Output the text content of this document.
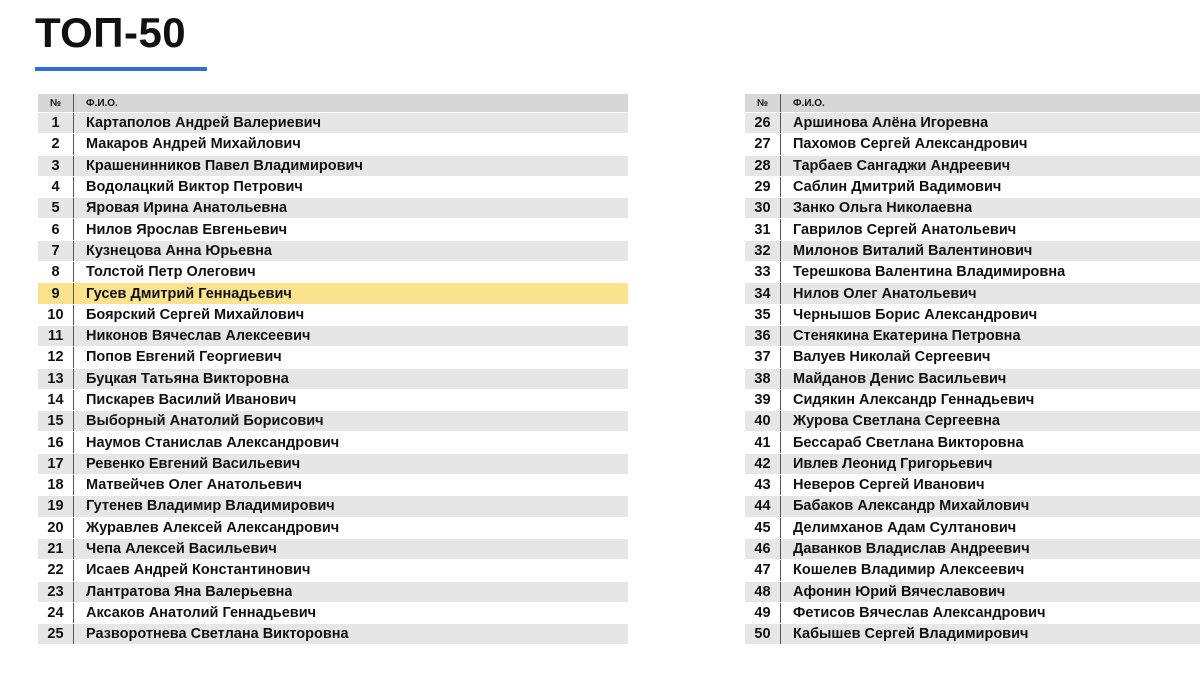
ТОП-50
№	Ф.И.О.
1	Картаполов Андрей Валериевич
2	Макаров Андрей Михайлович
3	Крашенинников Павел Владимирович
4	Водолацкий Виктор Петрович
5	Яровая Ирина Анатольевна
6	Нилов Ярослав Евгеньевич
7	Кузнецова Анна Юрьевна
8	Толстой Петр Олегович
9	Гусев Дмитрий Геннадьевич
10	Боярский Сергей Михайлович
11	Никонов Вячеслав Алексеевич
12	Попов Евгений Георгиевич
13	Буцкая Татьяна Викторовна
14	Пискарев Василий Иванович
15	Выборный Анатолий Борисович
16	Наумов Станислав Александрович
17	Ревенко Евгений Васильевич
18	Матвейчев Олег Анатольевич
19	Гутенев Владимир Владимирович
20	Журавлев Алексей Александрович
21	Чепа Алексей Васильевич
22	Исаев Андрей Константинович
23	Лантратова Яна Валерьевна
24	Аксаков Анатолий Геннадьевич
25	Разворотнева Светлана Викторовна
№	Ф.И.О.
26	Аршинова Алёна Игоревна
27	Пахомов Сергей Александрович
28	Тарбаев Сангаджи Андреевич
29	Саблин Дмитрий Вадимович
30	Занко Ольга Николаевна
31	Гаврилов Сергей Анатольевич
32	Милонов Виталий Валентинович
33	Терешкова Валентина Владимировна
34	Нилов Олег Анатольевич
35	Чернышов Борис Александрович
36	Стенякина Екатерина Петровна
37	Валуев Николай Сергеевич
38	Майданов Денис Васильевич
39	Сидякин Александр Геннадьевич
40	Журова Светлана Сергеевна
41	Бессараб Светлана Викторовна
42	Ивлев Леонид Григорьевич
43	Неверов Сергей Иванович
44	Бабаков Александр Михайлович
45	Делимханов Адам Султанович
46	Даванков Владислав Андреевич
47	Кошелев Владимир Алексеевич
48	Афонин Юрий Вячеславович
49	Фетисов Вячеслав Александрович
50	Кабышев Сергей Владимирович
